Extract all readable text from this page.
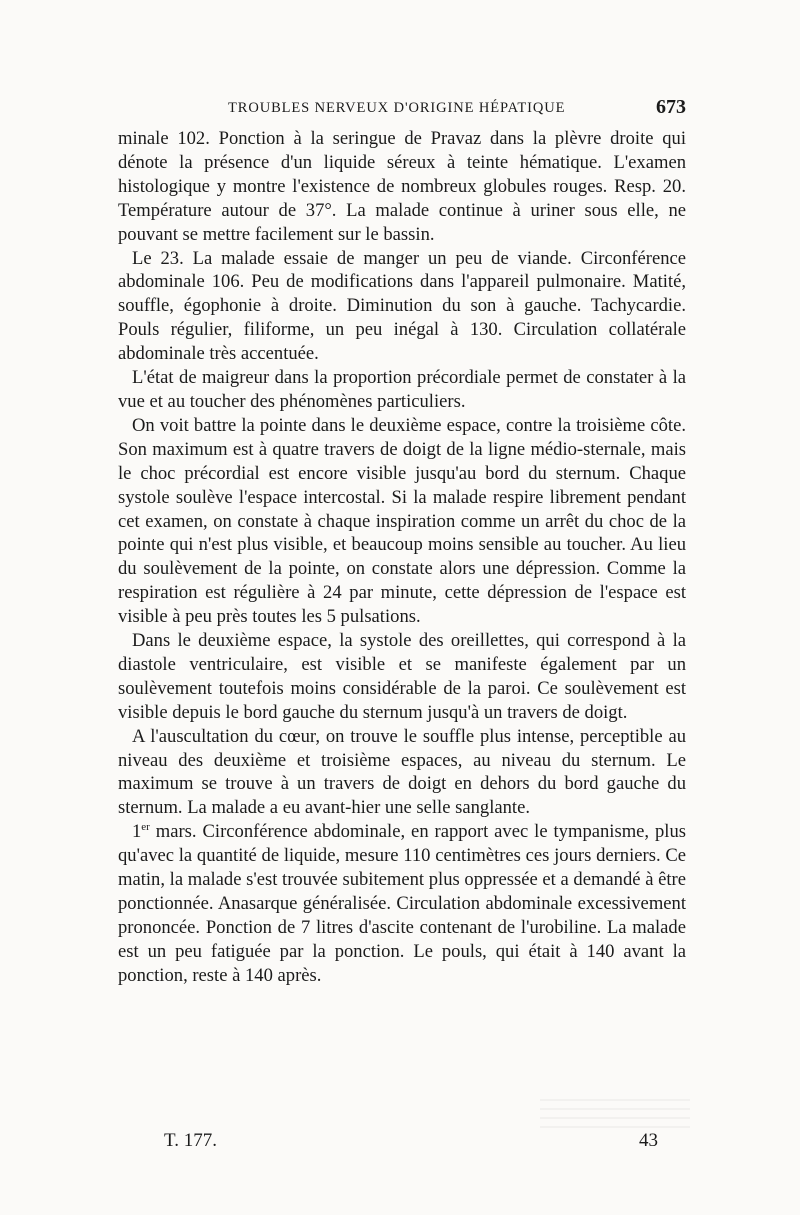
TROUBLES NERVEUX D'ORIGINE HÉPATIQUE	673

minale 102. Ponction à la seringue de Pravaz dans la plèvre droite qui dénote la présence d'un liquide séreux à teinte hématique. L'examen histologique y montre l'existence de nombreux globules rouges. Resp. 20. Température autour de 37°. La malade continue à uriner sous elle, ne pouvant se mettre facilement sur le bassin.

Le 23. La malade essaie de manger un peu de viande. Circonférence abdominale 106. Peu de modifications dans l'appareil pulmonaire. Matité, souffle, égophonie à droite. Diminution du son à gauche. Tachycardie. Pouls régulier, filiforme, un peu inégal à 130. Circulation collatérale abdominale très accentuée.

L'état de maigreur dans la proportion précordiale permet de constater à la vue et au toucher des phénomènes particuliers.

On voit battre la pointe dans le deuxième espace, contre la troisième côte. Son maximum est à quatre travers de doigt de la ligne médio-sternale, mais le choc précordial est encore visible jusqu'au bord du sternum. Chaque systole soulève l'espace intercostal. Si la malade respire librement pendant cet examen, on constate à chaque inspiration comme un arrêt du choc de la pointe qui n'est plus visible, et beaucoup moins sensible au toucher. Au lieu du soulèvement de la pointe, on constate alors une dépression. Comme la respiration est régulière à 24 par minute, cette dépression de l'espace est visible à peu près toutes les 5 pulsations.

Dans le deuxième espace, la systole des oreillettes, qui correspond à la diastole ventriculaire, est visible et se manifeste également par un soulèvement toutefois moins considérable de la paroi. Ce soulèvement est visible depuis le bord gauche du sternum jusqu'à un travers de doigt.

A l'auscultation du cœur, on trouve le souffle plus intense, perceptible au niveau des deuxième et troisième espaces, au niveau du sternum. Le maximum se trouve à un travers de doigt en dehors du bord gauche du sternum. La malade a eu avant-hier une selle sanglante.

1er mars. Circonférence abdominale, en rapport avec le tympanisme, plus qu'avec la quantité de liquide, mesure 110 centimètres ces jours derniers. Ce matin, la malade s'est trouvée subitement plus oppressée et a demandé à être ponctionnée. Anasarque généralisée. Circulation abdominale excessivement prononcée. Ponction de 7 litres d'ascite contenant de l'urobiline. La malade est un peu fatiguée par la ponction. Le pouls, qui était à 140 avant la ponction, reste à 140 après.

T. 177.	43
